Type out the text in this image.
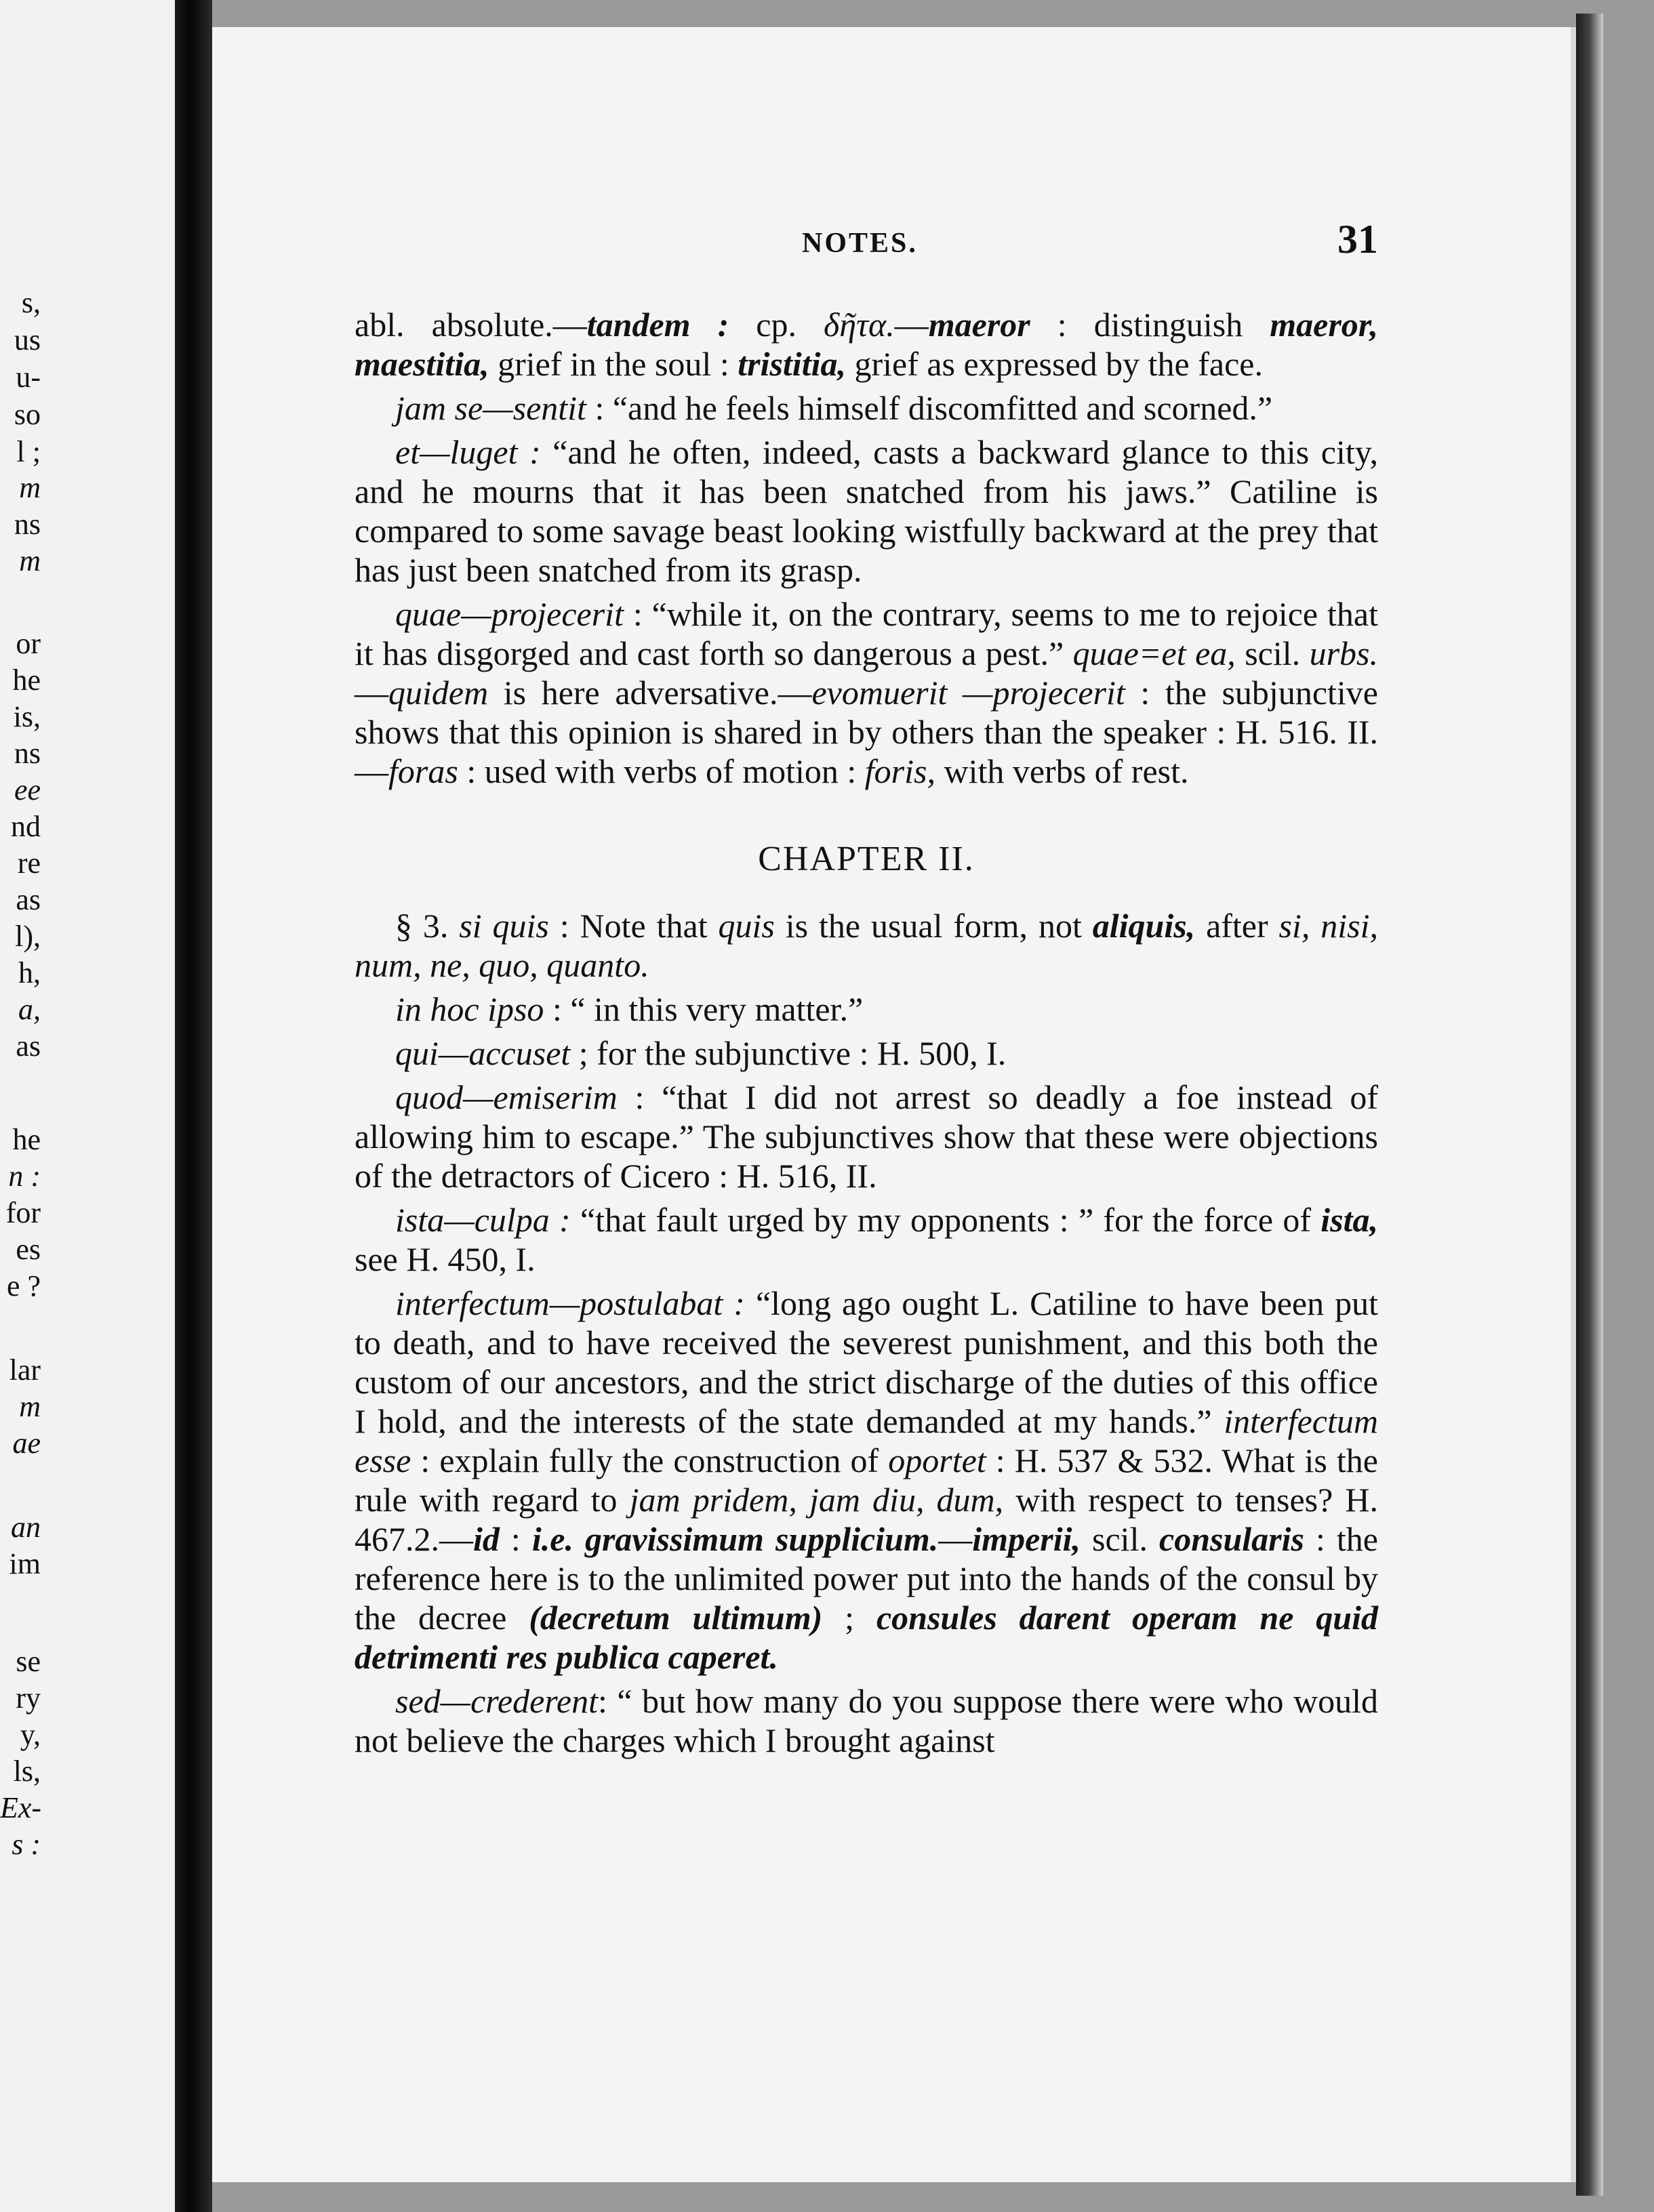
s,
us
u-
so
l ;
m
ns
m
or
he
is,
ns
ee
nd
re
as
l),
h,
a,
as
he
n :
for
es
e ?
lar
m
ae
an
im
se
ry
y,
ls,
Ex-
s :
NOTES.	31

abl. absolute.—tandem : cp. δῆτα.—maeror : distinguish maeror, maestitia, grief in the soul : tristitia, grief as expressed by the face.

jam se—sentit : “and he feels himself discomfitted and scorned.”

et—luget : “and he often, indeed, casts a backward glance to this city, and he mourns that it has been snatched from his jaws.” Catiline is compared to some savage beast looking wistfully backward at the prey that has just been snatched from its grasp.

quae—projecerit : “while it, on the contrary, seems to me to rejoice that it has disgorged and cast forth so dangerous a pest.” quae=et ea, scil. urbs.—quidem is here adversative.—evomuerit —projecerit : the subjunctive shows that this opinion is shared in by others than the speaker : H. 516. II.—foras : used with verbs of motion : foris, with verbs of rest.

CHAPTER II.

§ 3. si quis : Note that quis is the usual form, not aliquis, after si, nisi, num, ne, quo, quanto.

in hoc ipso : “ in this very matter.”

qui—accuset ; for the subjunctive : H. 500, I.

quod—emiserim : “that I did not arrest so deadly a foe instead of allowing him to escape.” The subjunctives show that these were objections of the detractors of Cicero : H. 516, II.

ista—culpa : “that fault urged by my opponents : ” for the force of ista, see H. 450, I.

interfectum—postulabat : “long ago ought L. Catiline to have been put to death, and to have received the severest punishment, and this both the custom of our ancestors, and the strict discharge of the duties of this office I hold, and the interests of the state demanded at my hands.” interfectum esse : explain fully the construction of oportet : H. 537 & 532. What is the rule with regard to jam pridem, jam diu, dum, with respect to tenses? H. 467.2.—id : i.e. gravissimum supplicium.—imperii, scil. consularis : the reference here is to the unlimited power put into the hands of the consul by the decree (decretum ultimum) ; consules darent operam ne quid detrimenti res publica caperet.

sed—crederent: “ but how many do you suppose there were who would not believe the charges which I brought against
